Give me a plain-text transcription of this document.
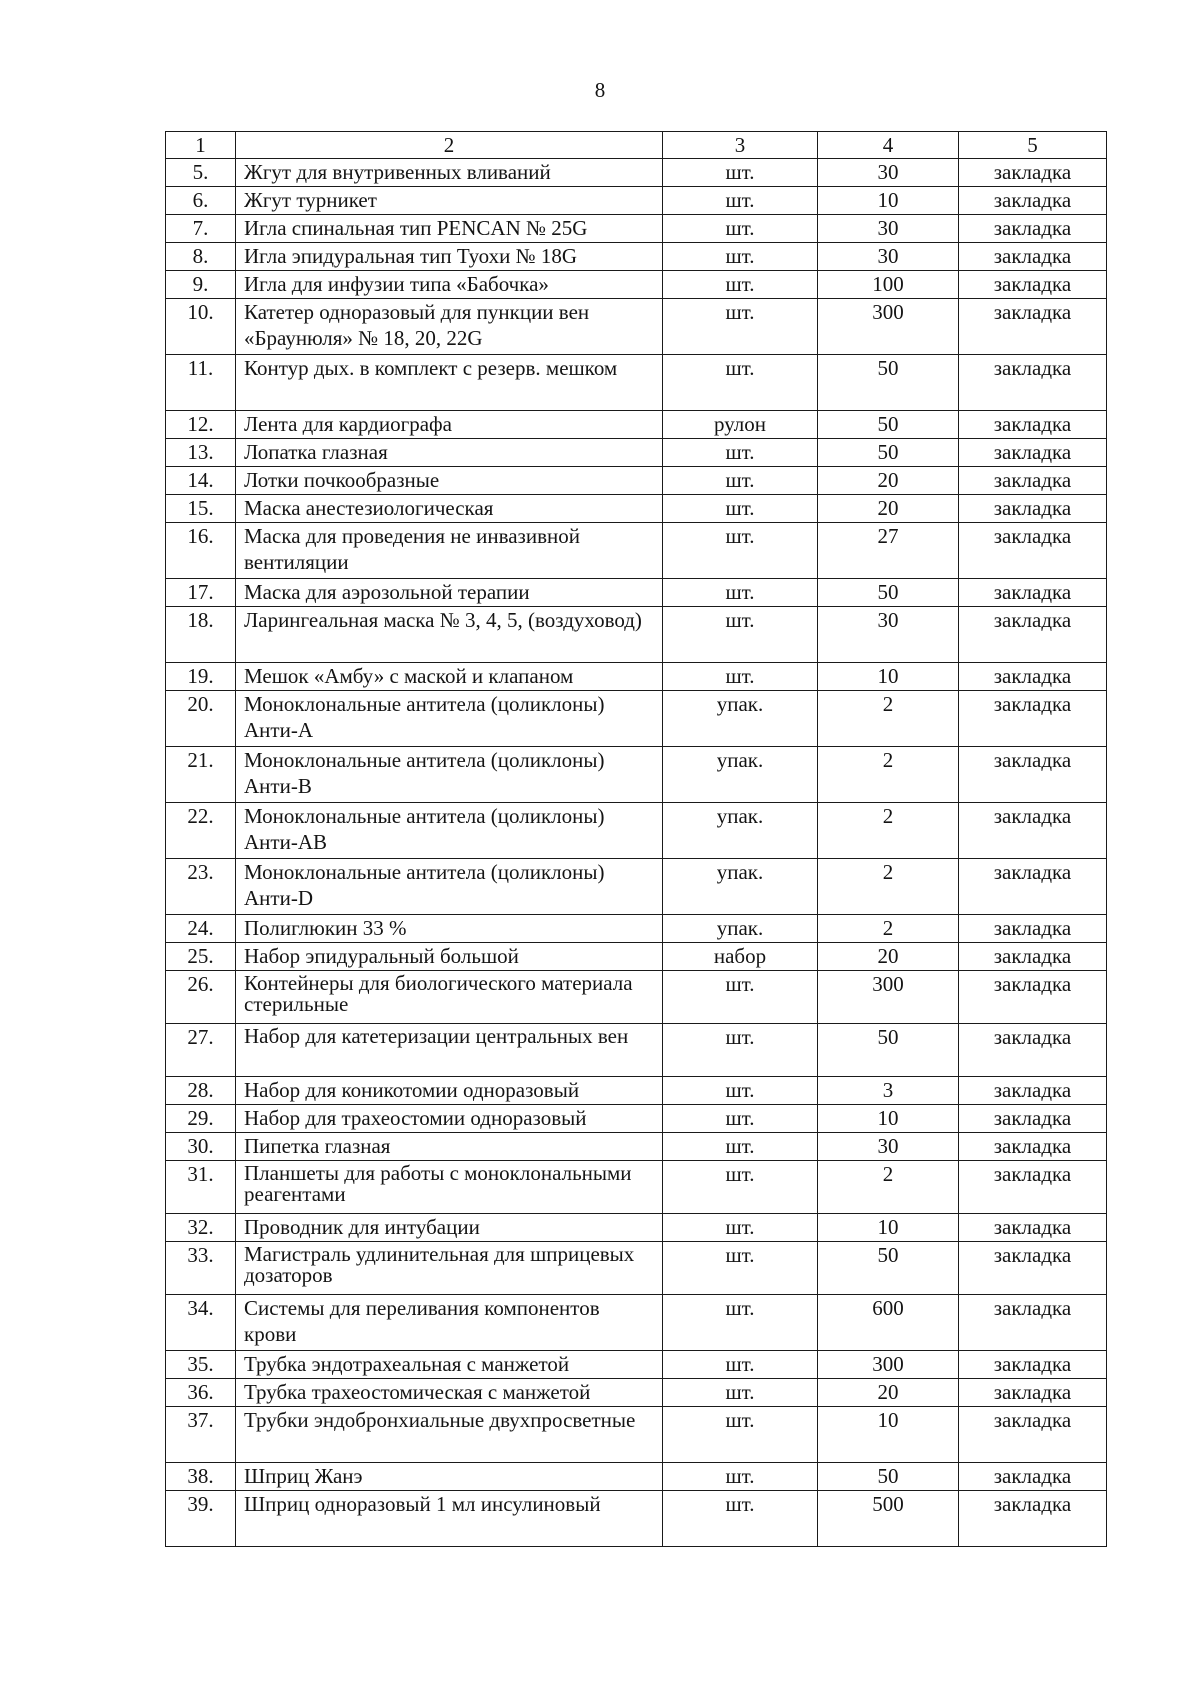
8
1	2	3	4	5
5.	Жгут для внутривенных вливаний	шт.	30	закладка
6.	Жгут турникет	шт.	10	закладка
7.	Игла спинальная тип PENCAN № 25G	шт.	30	закладка
8.	Игла эпидуральная тип Туохи № 18G	шт.	30	закладка
9.	Игла для инфузии типа «Бабочка»	шт.	100	закладка
10.	Катетер одноразовый для пункции вен «Браунюля» № 18, 20, 22G	шт.	300	закладка
11.	Контур дых. в комплект с резерв. мешком	шт.	50	закладка
12.	Лента для кардиографа	рулон	50	закладка
13.	Лопатка глазная	шт.	50	закладка
14.	Лотки почкообразные	шт.	20	закладка
15.	Маска анестезиологическая	шт.	20	закладка
16.	Маска для проведения не инвазивной вентиляции	шт.	27	закладка
17.	Маска для аэрозольной терапии	шт.	50	закладка
18.	Ларингеальная маска № 3, 4, 5, (воздуховод)	шт.	30	закладка
19.	Мешок «Амбу» с маской и клапаном	шт.	10	закладка
20.	Моноклональные антитела (цоликлоны) Анти-А	упак.	2	закладка
21.	Моноклональные антитела (цоликлоны) Анти-В	упак.	2	закладка
22.	Моноклональные антитела (цоликлоны) Анти-АВ	упак.	2	закладка
23.	Моноклональные антитела (цоликлоны) Анти-D	упак.	2	закладка
24.	Полиглюкин 33 %	упак.	2	закладка
25.	Набор эпидуральный большой	набор	20	закладка
26.	Контейнеры для биологического материала стерильные	шт.	300	закладка
27.	Набор для катетеризации центральных вен	шт.	50	закладка
28.	Набор для коникотомии одноразовый	шт.	3	закладка
29.	Набор для трахеостомии одноразовый	шт.	10	закладка
30.	Пипетка глазная	шт.	30	закладка
31.	Планшеты для работы с моноклональными реагентами	шт.	2	закладка
32.	Проводник для интубации	шт.	10	закладка
33.	Магистраль удлинительная для шприцевых дозаторов	шт.	50	закладка
34.	Системы для переливания компонентов крови	шт.	600	закладка
35.	Трубка эндотрахеальная с манжетой	шт.	300	закладка
36.	Трубка трахеостомическая с манжетой	шт.	20	закладка
37.	Трубки эндобронхиальные двухпросветные	шт.	10	закладка
38.	Шприц Жанэ	шт.	50	закладка
39.	Шприц одноразовый 1 мл инсулиновый	шт.	500	закладка
